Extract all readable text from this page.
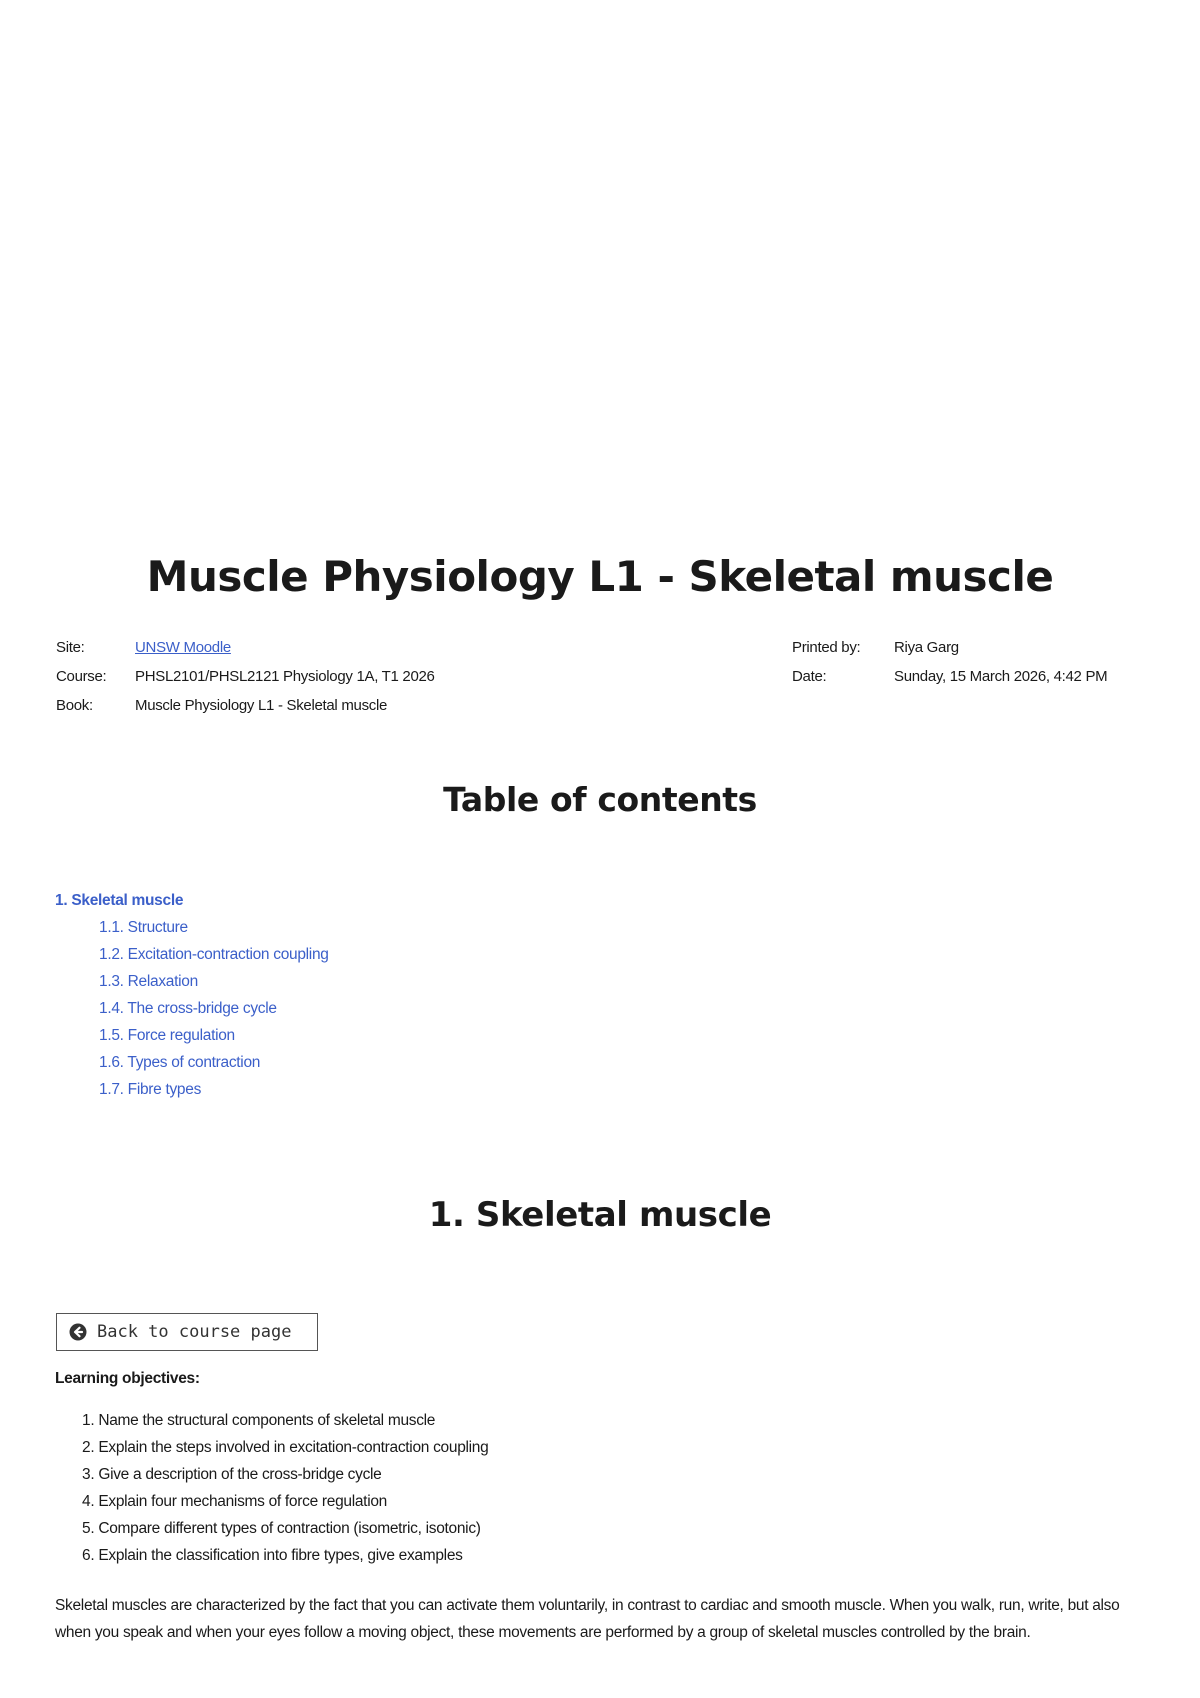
Muscle Physiology L1 - Skeletal muscle
Site:	UNSW Moodle
Course:	PHSL2101/PHSL2121 Physiology 1A, T1 2026
Book:	Muscle Physiology L1 - Skeletal muscle
Printed by:	Riya Garg
Date:	Sunday, 15 March 2026, 4:42 PM
Table of contents
1. Skeletal muscle
1.1. Structure
1.2. Excitation-contraction coupling
1.3. Relaxation
1.4. The cross-bridge cycle
1.5. Force regulation
1.6. Types of contraction
1.7. Fibre types
1. Skeletal muscle
Back to course page
Learning objectives:
1. Name the structural components of skeletal muscle
2. Explain the steps involved in excitation-contraction coupling
3. Give a description of the cross-bridge cycle
4. Explain four mechanisms of force regulation
5. Compare different types of contraction (isometric, isotonic)
6. Explain the classification into fibre types, give examples

Skeletal muscles are characterized by the fact that you can activate them voluntarily, in contrast to cardiac and smooth muscle. When you walk, run, write, but also when you speak and when your eyes follow a moving object, these movements are performed by a group of skeletal muscles controlled by the brain.
